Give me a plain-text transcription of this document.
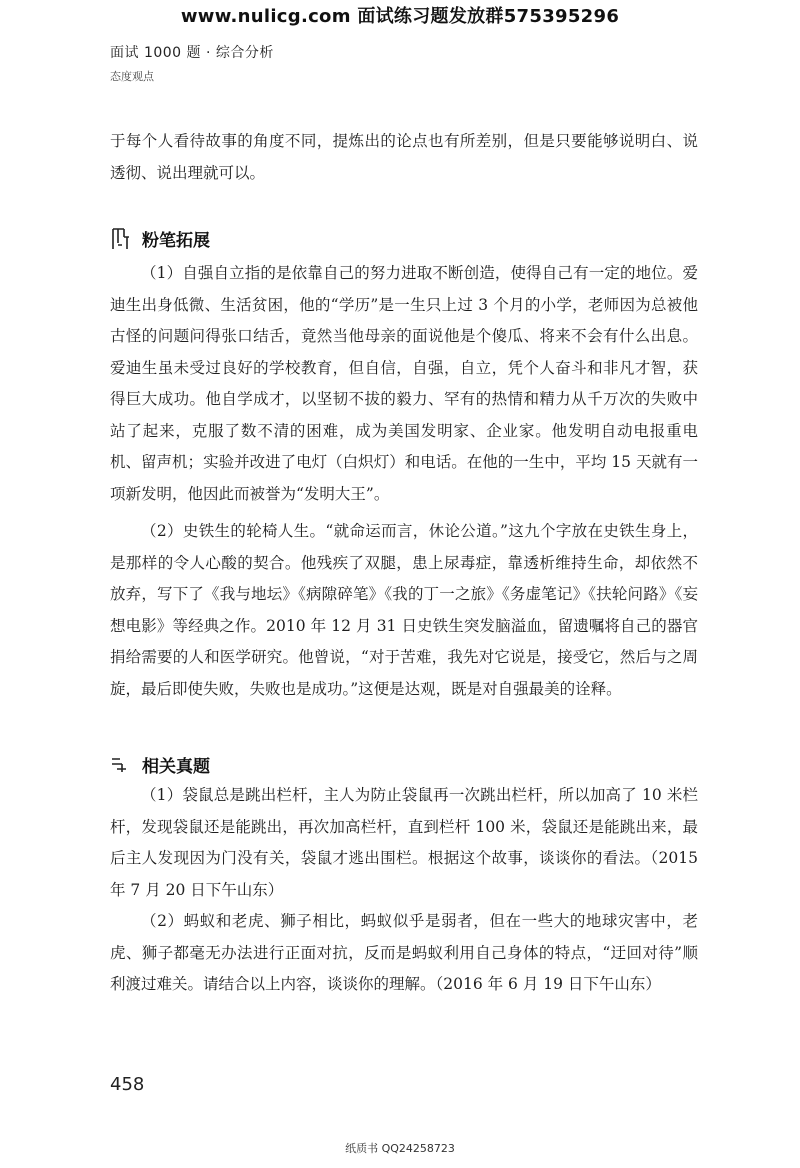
www.nulicg.com 面试练习题发放群575395296
面试 1000 题 · 综合分析
态度观点
于每个人看待故事的角度不同，提炼出的论点也有所差别，但是只要能够说明白、说透彻、说出理就可以。
粉笔拓展
（1）自强自立指的是依靠自己的努力进取不断创造，使得自己有一定的地位。爱迪生出身低微、生活贫困，他的“学历”是一生只上过 3 个月的小学，老师因为总被他古怪的问题问得张口结舌，竟然当他母亲的面说他是个傻瓜、将来不会有什么出息。爱迪生虽未受过良好的学校教育，但自信，自强，自立，凭个人奋斗和非凡才智，获得巨大成功。他自学成才，以坚韧不拔的毅力、罕有的热情和精力从千万次的失败中站了起来，克服了数不清的困难，成为美国发明家、企业家。他发明自动电报重电机、留声机；实验并改进了电灯（白炽灯）和电话。在他的一生中，平均 15 天就有一项新发明，他因此而被誉为“发明大王”。
（2）史铁生的轮椅人生。“就命运而言，休论公道。”这九个字放在史铁生身上，是那样的令人心酸的契合。他残疾了双腿，患上尿毒症，靠透析维持生命，却依然不放弃，写下了《我与地坛》《病隙碎笔》《我的丁一之旅》《务虚笔记》《扶轮问路》《妄想电影》等经典之作。2010 年 12 月 31 日史铁生突发脑溢血，留遗嘱将自己的器官捐给需要的人和医学研究。他曾说，“对于苦难，我先对它说是，接受它，然后与之周旋，最后即使失败，失败也是成功。”这便是达观，既是对自强最美的诠释。
相关真题
（1）袋鼠总是跳出栏杆，主人为防止袋鼠再一次跳出栏杆，所以加高了 10 米栏杆，发现袋鼠还是能跳出，再次加高栏杆，直到栏杆 100 米，袋鼠还是能跳出来，最后主人发现因为门没有关，袋鼠才逃出围栏。根据这个故事，谈谈你的看法。（2015 年 7 月 20 日下午山东）
（2）蚂蚁和老虎、狮子相比，蚂蚁似乎是弱者，但在一些大的地球灾害中，老虎、狮子都毫无办法进行正面对抗，反而是蚂蚁利用自己身体的特点，“迂回对待”顺利渡过难关。请结合以上内容，谈谈你的理解。（2016 年 6 月 19 日下午山东）
458
纸质书 QQ24258723
